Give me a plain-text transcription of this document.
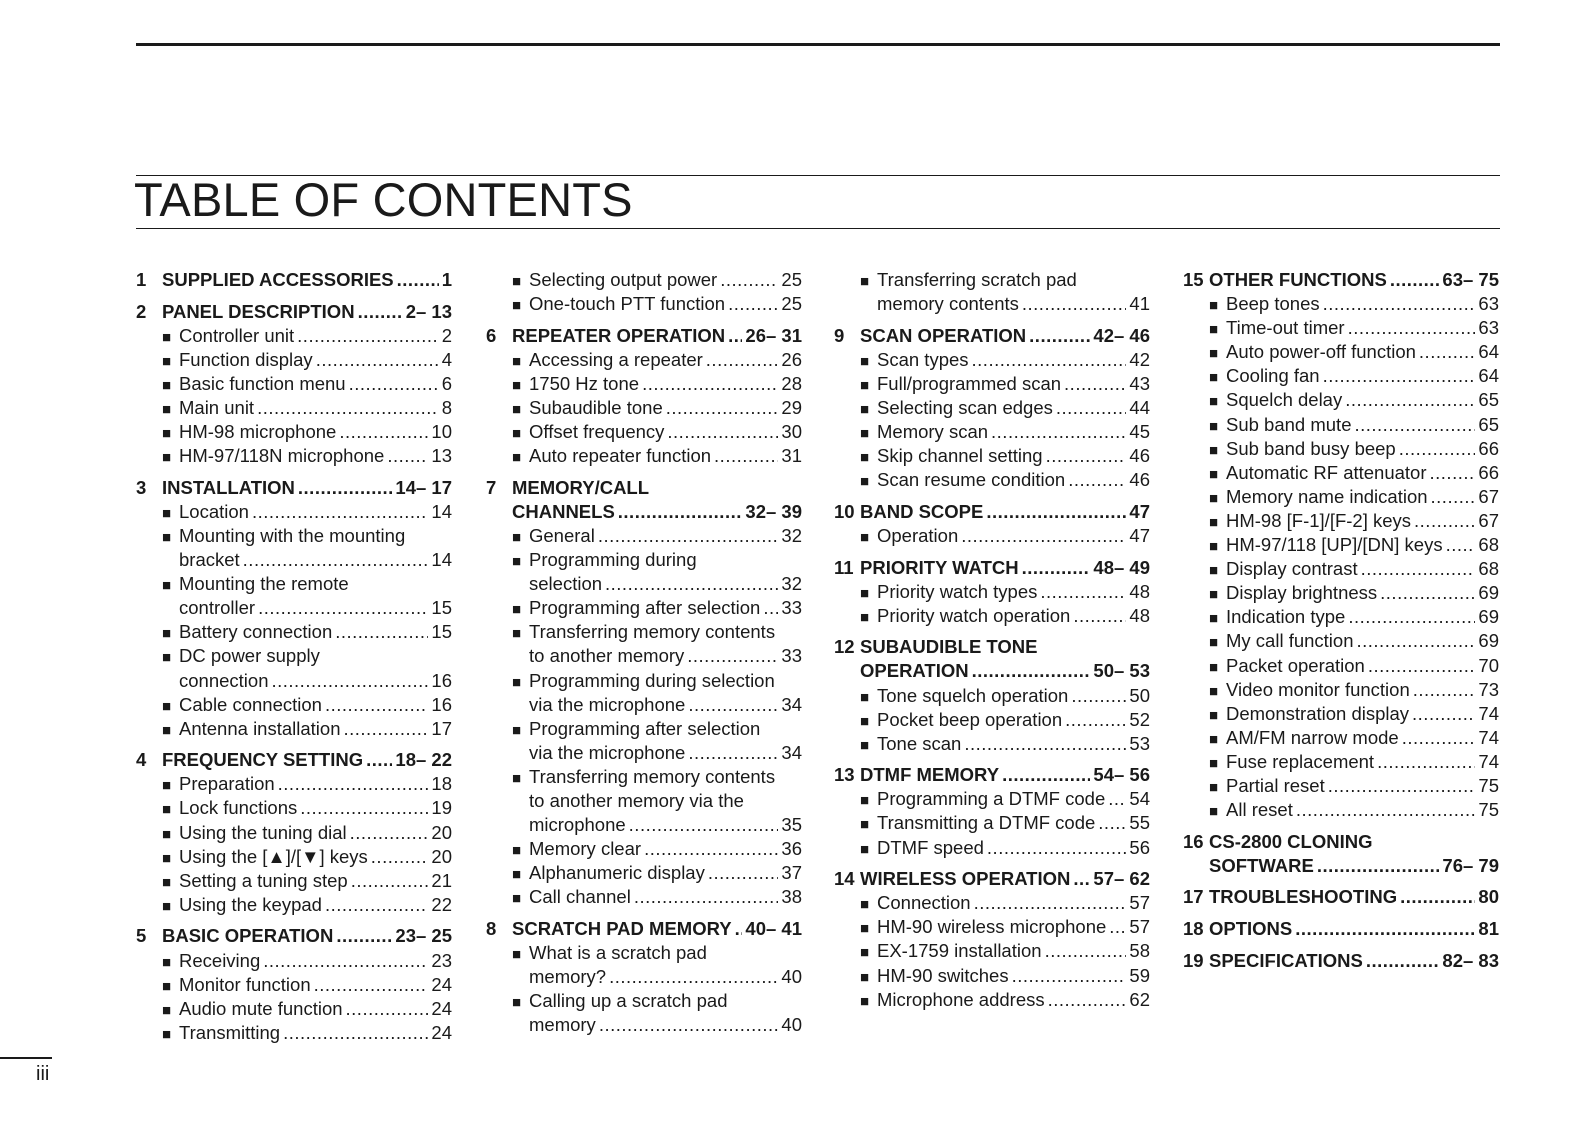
TABLE OF CONTENTS
1 SUPPLIED ACCESSORIES .....	1
2 PANEL DESCRIPTION .....	2– 13
■ Controller unit .....	2
■ Function display .....	4
■ Basic function menu .....	6
■ Main unit .....	8
■ HM-98 microphone .....	10
■ HM-97/118N microphone .....	13
3 INSTALLATION .....	14– 17
■ Location .....	14
■ Mounting with the mounting
bracket .....	14
■ Mounting the remote
controller .....	15
■ Battery connection .....	15
■ DC power supply
connection .....	16
■ Cable connection .....	16
■ Antenna installation .....	17
4 FREQUENCY SETTING ..... 18– 22
■ Preparation .....	18
■ Lock functions .....	19
■ Using the tuning dial .....	20
■ Using the [▲]/[▼] keys .....	20
■ Setting a tuning step .....	21
■ Using the keypad .....	22
5 BASIC OPERATION .....	23– 25
■ Receiving .....	23
■ Monitor function .....	24
■ Audio mute function .....	24
■ Transmitting .....	24
■ Selecting output power .....	25
■ One-touch PTT function .....	25
6 REPEATER OPERATION ..... 26– 31
■ Accessing a repeater .....	26
■ 1750 Hz tone .....	28
■ Subaudible tone .....	29
■ Offset frequency .....	30
■ Auto repeater function .....	31
7 MEMORY/CALL
CHANNELS .....	32– 39
■ General .....	32
■ Programming during
selection .....	32
■ Programming after selection ..... 33
■ Transferring memory contents
to another memory .....	33
■ Programming during selection
via the microphone .....	34
■ Programming after selection
via the microphone .....	34
■ Transferring memory contents
to another memory via the
microphone .....	35
■ Memory clear .....	36
■ Alphanumeric display .....	37
■ Call channel .....	38
8 SCRATCH PAD MEMORY ..... 40– 41
■ What is a scratch pad
memory? .....	40
■ Calling up a scratch pad
memory .....	40
■ Transferring scratch pad
memory contents .....	41
9 SCAN OPERATION .....	42– 46
■ Scan types .....	42
■ Full/programmed scan .....	43
■ Selecting scan edges .....	44
■ Memory scan .....	45
■ Skip channel setting .....	46
■ Scan resume condition .....	46
10 BAND SCOPE .....	47
■ Operation .....	47
11 PRIORITY WATCH .....	48– 49
■ Priority watch types .....	48
■ Priority watch operation .....	48
12 SUBAUDIBLE TONE
OPERATION .....	50– 53
■ Tone squelch operation .....	50
■ Pocket beep operation .....	52
■ Tone scan .....	53
13 DTMF MEMORY .....	54– 56
■ Programming a DTMF code ..... 54
■ Transmitting a DTMF code ..... 55
■ DTMF speed .....	56
14 WIRELESS OPERATION ..... 57– 62
■ Connection .....	57
■ HM-90 wireless microphone ..... 57
■ EX-1759 installation .....	58
■ HM-90 switches .....	59
■ Microphone address .....	62
15 OTHER FUNCTIONS .....	63– 75
■ Beep tones .....	63
■ Time-out timer .....	63
■ Auto power-off function .....	64
■ Cooling fan .....	64
■ Squelch delay .....	65
■ Sub band mute .....	65
■ Sub band busy beep .....	66
■ Automatic RF attenuator .....	66
■ Memory name indication .....	67
■ HM-98 [F-1]/[F-2] keys .....	67
■ HM-97/118 [UP]/[DN] keys ..... 68
■ Display contrast .....	68
■ Display brightness .....	69
■ Indication type .....	69
■ My call function .....	69
■ Packet operation .....	70
■ Video monitor function .....	73
■ Demonstration display .....	74
■ AM/FM narrow mode .....	74
■ Fuse replacement .....	74
■ Partial reset .....	75
■ All reset .....	75
16 CS-2800 CLONING
SOFTWARE .....	76– 79
17 TROUBLESHOOTING .....	80
18 OPTIONS .....	81
19 SPECIFICATIONS .....	82– 83
iii
